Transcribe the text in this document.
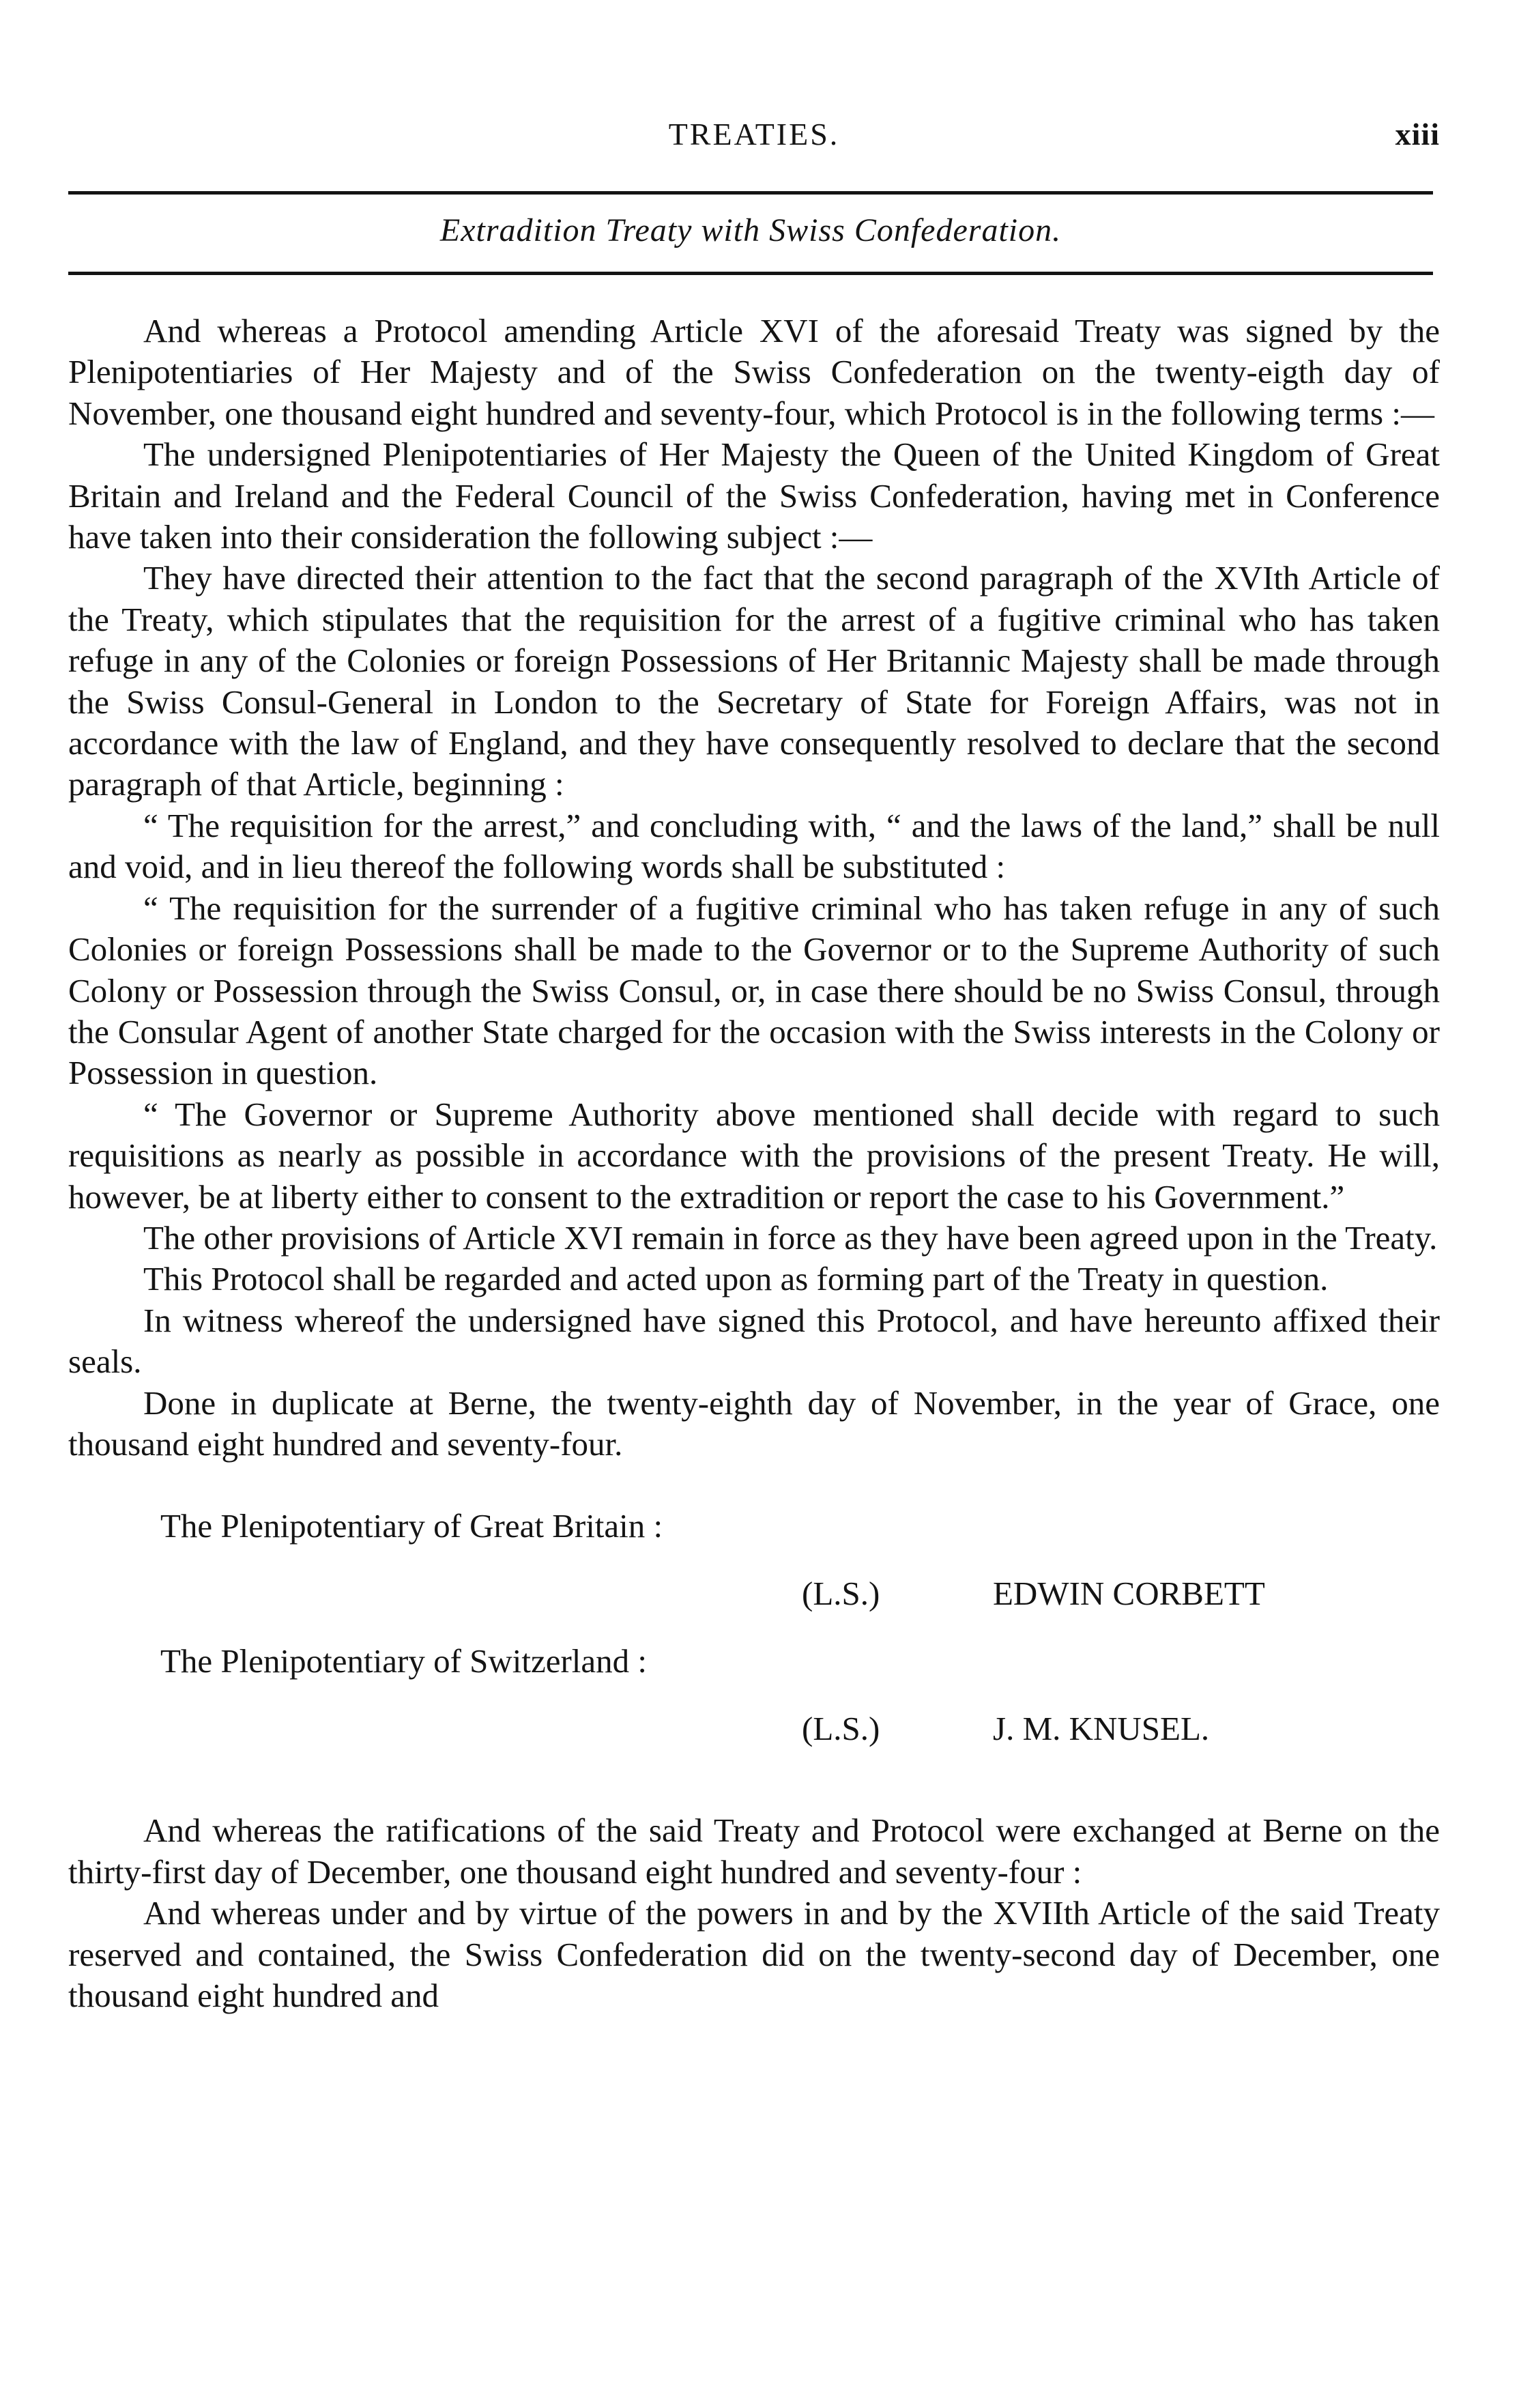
TREATIES.	xiii
Extradition Treaty with Swiss Confederation.

And whereas a Protocol amending Article XVI of the aforesaid Treaty was signed by the Plenipotentiaries of Her Majesty and of the Swiss Confederation on the twenty-eigth day of November, one thousand eight hundred and seventy-four, which Protocol is in the following terms :—

The undersigned Plenipotentiaries of Her Majesty the Queen of the United Kingdom of Great Britain and Ireland and the Federal Council of the Swiss Confederation, having met in Conference have taken into their consideration the following subject :—

They have directed their attention to the fact that the second paragraph of the XVIth Article of the Treaty, which stipulates that the requisition for the arrest of a fugitive criminal who has taken refuge in any of the Colonies or foreign Possessions of Her Britannic Majesty shall be made through the Swiss Consul-General in London to the Secretary of State for Foreign Affairs, was not in accordance with the law of England, and they have consequently resolved to declare that the second paragraph of that Article, beginning :

“ The requisition for the arrest,” and concluding with, “ and the laws of the land,” shall be null and void, and in lieu thereof the following words shall be substituted :

“ The requisition for the surrender of a fugitive criminal who has taken refuge in any of such Colonies or foreign Possessions shall be made to the Governor or to the Supreme Authority of such Colony or Possession through the Swiss Consul, or, in case there should be no Swiss Consul, through the Consular Agent of another State charged for the occasion with the Swiss interests in the Colony or Possession in question.

“ The Governor or Supreme Authority above mentioned shall decide with regard to such requisitions as nearly as possible in accordance with the provisions of the present Treaty. He will, however, be at liberty either to consent to the extradition or report the case to his Government.”

The other provisions of Article XVI remain in force as they have been agreed upon in the Treaty.

This Protocol shall be regarded and acted upon as forming part of the Treaty in question.

In witness whereof the undersigned have signed this Protocol, and have hereunto affixed their seals.

Done in duplicate at Berne, the twenty-eighth day of November, in the year of Grace, one thousand eight hundred and seventy-four.

The Plenipotentiary of Great Britain :
(L.S.)	EDWIN CORBETT
The Plenipotentiary of Switzerland :
(L.S.)	J. M. KNUSEL.

And whereas the ratifications of the said Treaty and Protocol were exchanged at Berne on the thirty-first day of December, one thousand eight hundred and seventy-four :

And whereas under and by virtue of the powers in and by the XVIIth Article of the said Treaty reserved and contained, the Swiss Confederation did on the twenty-second day of December, one thousand eight hundred and
